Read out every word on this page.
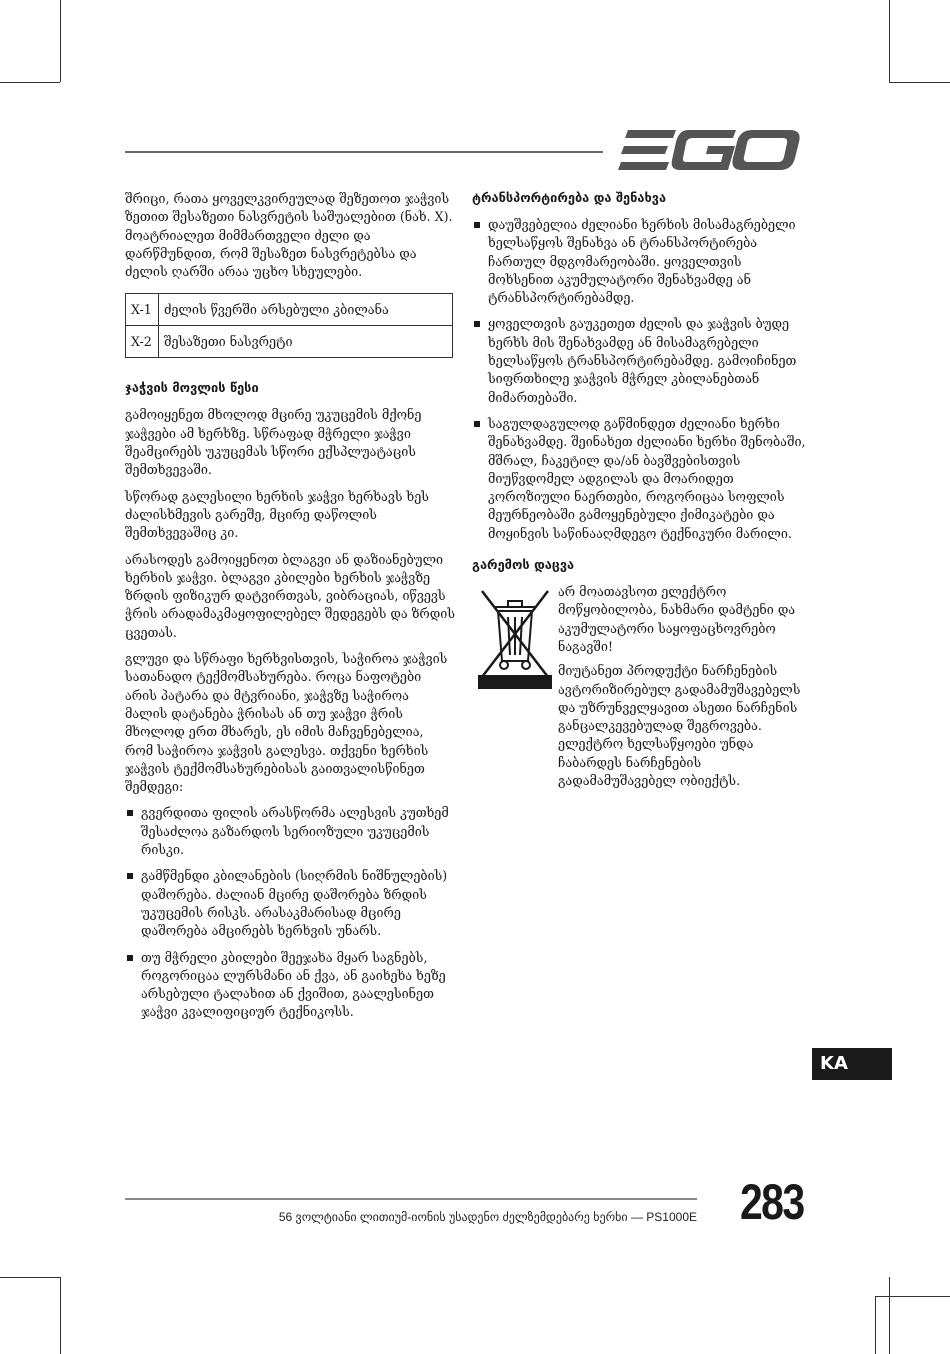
შრიცი, რათა ყოველკვირეულად შეზეთოთ ჯაჭვის ზეთით შესაზეთი ნასვრეტის საშუალებით (ნახ. X). მოატრიალეთ მიმმართველი ძელი და დარწმუნდით, რომ შესაზეთ ნასვრეტებსა და ძელის ღარში არაა უცხო სხეულები.

X-1	ძელის წვერში არსებული კბილანა
X-2	შესაზეთი ნასვრეტი
ჯაჭვის მოვლის წესი

გამოიყენეთ მხოლოდ მცირე უკუცემის მქონე ჯაჭვები ამ ხერხზე. სწრაფად მჭრელი ჯაჭვი შეამცირებს უკუცემას სწორი ექსპლუატაცის შემთხვევაში.

სწორად გალესილი ხერხის ჯაჭვი ხერხავს ხეს ძალისხმევის გარეშე, მცირე დაწოლის შემთხვევაშიც კი.

არასოდეს გამოიყენოთ ბლაგვი ან დაზიანებული ხერხის ჯაჭვი. ბლაგვი კბილები ხერხის ჯაჭვზე ზრდის ფიზიკურ დატვირთვას, ვიბრაციას, იწვევს ჭრის არადამაკმაყოფილებელ შედეგებს და ზრდის ცვეთას.

გლუვი და სწრაფი ხერხვისთვის, საჭიროა ჯაჭვის სათანადო ტექმომსახურება. როცა ნაფოტები არის პატარა და მტვრიანი, ჯაჭვზე საჭიროა მალის დატანება ჭრისას ან თუ ჯაჭვი ჭრის მხოლოდ ერთ მხარეს, ეს იმის მაჩვენებელია, რომ საჭიროა ჯაჭვის გალესვა. თქვენი ხერხის ჯაჭვის ტექმომსახურებისას გაითვალისწინეთ შემდეგი:

გვერდითა ფილის არასწორმა ალესვის კუთხემ შესაძლოა გაზარდოს სერიოზული უკუცემის რისკი.
გამწმენდი კბილანების (სიღრმის ნიშნულების) დაშორება. ძალიან მცირე დაშორება ზრდის უკუცემის რისკს. არასაკმარისად მცირე დაშორება ამცირებს ხერხვის უნარს.
თუ მჭრელი კბილები შეეჯახა მყარ საგნებს, როგორიცაა ლურსმანი ან ქვა, ან გაიხეხა ხეზე არსებული ტალახით ან ქვიშით, გაალესინეთ ჯაჭვი კვალიფიციურ ტექნიკოსს.
ტრანსპორტირება და შენახვა
დაუშვებელია ძელიანი ხერხის მისამაგრებელი ხელსაწყოს შენახვა ან ტრანსპორტირება ჩართულ მდგომარეობაში. ყოველთვის მოხსენით აკუმულატორი შენახვამდე ან ტრანსპორტირებამდე.
ყოველთვის გაუკეთეთ ძელის და ჯაჭვის ბუდე ხერხს მის შენახვამდე ან მისამაგრებელი ხელსაწყოს ტრანსპორტირებამდე. გამოიჩინეთ სიფრთხილე ჯაჭვის მჭრელ კბილანებთან მიმართებაში.
საგულდაგულოდ გაწმინდეთ ძელიანი ხერხი შენახვამდე. შეინახეთ ძელიანი ხერხი შენობაში, მშრალ, ჩაკეტილ და/ან ბავშვებისთვის მიუწვდომელ ადგილას და მოარიდეთ კოროზიული ნაერთები, როგორიცაა სოფლის მეურნეობაში გამოყენებული ქიმიკატები და მოყინვის საწინააღმდეგო ტექნიკური მარილი.
გარემოს დაცვა

არ მოათავსოთ ელექტრო მოწყობილობა, ნახმარი დამტენი და აკუმულატორი საყოფაცხოვრებო ნაგავში!

მიუტანეთ პროდუქტი ნარჩენების ავტორიზირებულ გადამამუშავებელს და უზრუნველყავით ასეთი ნარჩენის განცალკევებულად შეგროვება. ელექტრო ხელსაწყოები უნდა ჩაბარდეს ნარჩენების გადამამუშავებელ ობიექტს.

KA
56 ვოლტიანი ლითიუმ-იონის უსადენო ძელზემდებარე ხერხი — PS1000E 283
